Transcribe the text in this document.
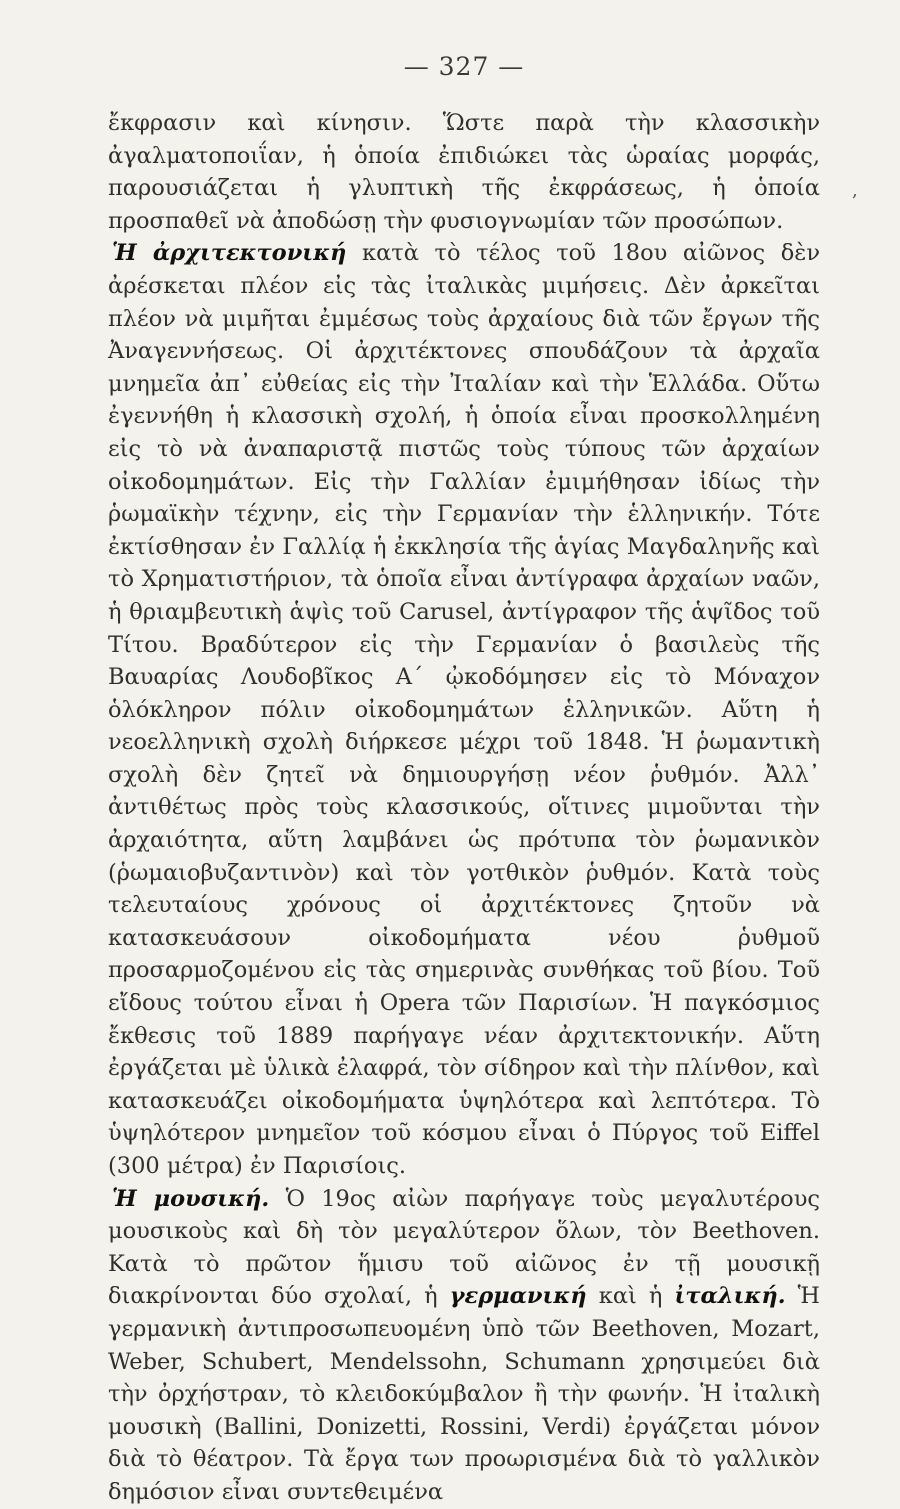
— 327 —

ἔκφρασιν καὶ κίνησιν. Ὥστε παρὰ τὴν κλασσικὴν ἀγαλματοποιΐαν, ἡ ὁποία ἐπιδιώκει τὰς ὡραίας μορφάς, παρουσιάζεται ἡ γλυπτικὴ τῆς ἐκφράσεως, ἡ ὁποία προσπαθεῖ νὰ ἀποδώσῃ τὴν φυσιογνωμίαν τῶν προσώπων.

Ἡ ἀρχιτεκτονική κατὰ τὸ τέλος τοῦ 18ου αἰῶνος δὲν ἀρέσκεται πλέον εἰς τὰς ἰταλικὰς μιμήσεις. Δὲν ἀρκεῖται πλέον νὰ μιμῆται ἐμμέσως τοὺς ἀρχαίους διὰ τῶν ἔργων τῆς Ἀναγεννήσεως. Οἱ ἀρχιτέκτονες σπουδάζουν τὰ ἀρχαῖα μνημεῖα ἀπ᾿ εὐθείας εἰς τὴν Ἰταλίαν καὶ τὴν Ἑλλάδα. Οὕτω ἐγεννήθη ἡ κλασσικὴ σχολή, ἡ ὁποία εἶναι προσκολλημένη εἰς τὸ νὰ ἀναπαριστᾷ πιστῶς τοὺς τύπους τῶν ἀρχαίων οἰκοδομημάτων. Εἰς τὴν Γαλλίαν ἐμιμήθησαν ἰδίως τὴν ῥωμαϊκὴν τέχνην, εἰς τὴν Γερμανίαν τὴν ἑλληνικήν. Τότε ἐκτίσθησαν ἐν Γαλλίᾳ ἡ ἐκκλησία τῆς ἁγίας Μαγδαληνῆς καὶ τὸ Χρηματιστήριον, τὰ ὁποῖα εἶναι ἀντίγραφα ἀρχαίων ναῶν, ἡ θριαμβευτικὴ ἁψὶς τοῦ Carusel, ἀντίγραφον τῆς ἁψῖδος τοῦ Τίτου. Βραδύτερον εἰς τὴν Γερμανίαν ὁ βασιλεὺς τῆς Βαυαρίας Λουδοβῖκος Α´ ᾠκοδόμησεν εἰς τὸ Μόναχον ὁλόκληρον πόλιν οἰκοδομημάτων ἑλληνικῶν. Αὕτη ἡ νεοελληνικὴ σχολὴ διήρκεσε μέχρι τοῦ 1848. Ἡ ῥωμαντικὴ σχολὴ δὲν ζητεῖ νὰ δημιουργήσῃ νέον ῥυθμόν. Ἀλλ᾿ ἀντιθέτως πρὸς τοὺς κλασσικούς, οἵτινες μιμοῦνται τὴν ἀρχαιότητα, αὕτη λαμβάνει ὡς πρότυπα τὸν ῥωμανικὸν (ῥωμαιοβυζαντινὸν) καὶ τὸν γοτθικὸν ῥυθμόν. Κατὰ τοὺς τελευταίους χρόνους οἱ ἀρχιτέκτονες ζητοῦν νὰ κατασκευάσουν οἰκοδομήματα νέου ῥυθμοῦ προσαρμοζομένου εἰς τὰς σημερινὰς συνθήκας τοῦ βίου. Τοῦ εἴδους τούτου εἶναι ἡ Opera τῶν Παρισίων. Ἡ παγκόσμιος ἔκθεσις τοῦ 1889 παρήγαγε νέαν ἀρχιτεκτονικήν. Αὕτη ἐργάζεται μὲ ὑλικὰ ἐλαφρά, τὸν σίδηρον καὶ τὴν πλίνθον, καὶ κατασκευάζει οἰκοδομήματα ὑψηλότερα καὶ λεπτότερα. Τὸ ὑψηλότερον μνημεῖον τοῦ κόσμου εἶναι ὁ Πύργος τοῦ Eiffel (300 μέτρα) ἐν Παρισίοις.

Ἡ μουσική. Ὁ 19ος αἰὼν παρήγαγε τοὺς μεγαλυτέρους μουσικοὺς καὶ δὴ τὸν μεγαλύτερον ὅλων, τὸν Beethoven. Κατὰ τὸ πρῶτον ἥμισυ τοῦ αἰῶνος ἐν τῇ μουσικῇ διακρίνονται δύο σχολαί, ἡ γερμανική καὶ ἡ ἰταλική. Ἡ γερμανικὴ ἀντιπροσωπευομένη ὑπὸ τῶν Beethoven, Mozart, Weber, Schubert, Mendelssohn, Schumann χρησιμεύει διὰ τὴν ὀρχήστραν, τὸ κλειδοκύμβαλον ἢ τὴν φωνήν. Ἡ ἰταλικὴ μουσικὴ (Ballini, Donizetti, Rossini, Verdi) ἐργάζεται μόνον διὰ τὸ θέατρον. Τὰ ἔργα των προωρισμένα διὰ τὸ γαλλικὸν δημόσιον εἶναι συντεθειμένα

,
